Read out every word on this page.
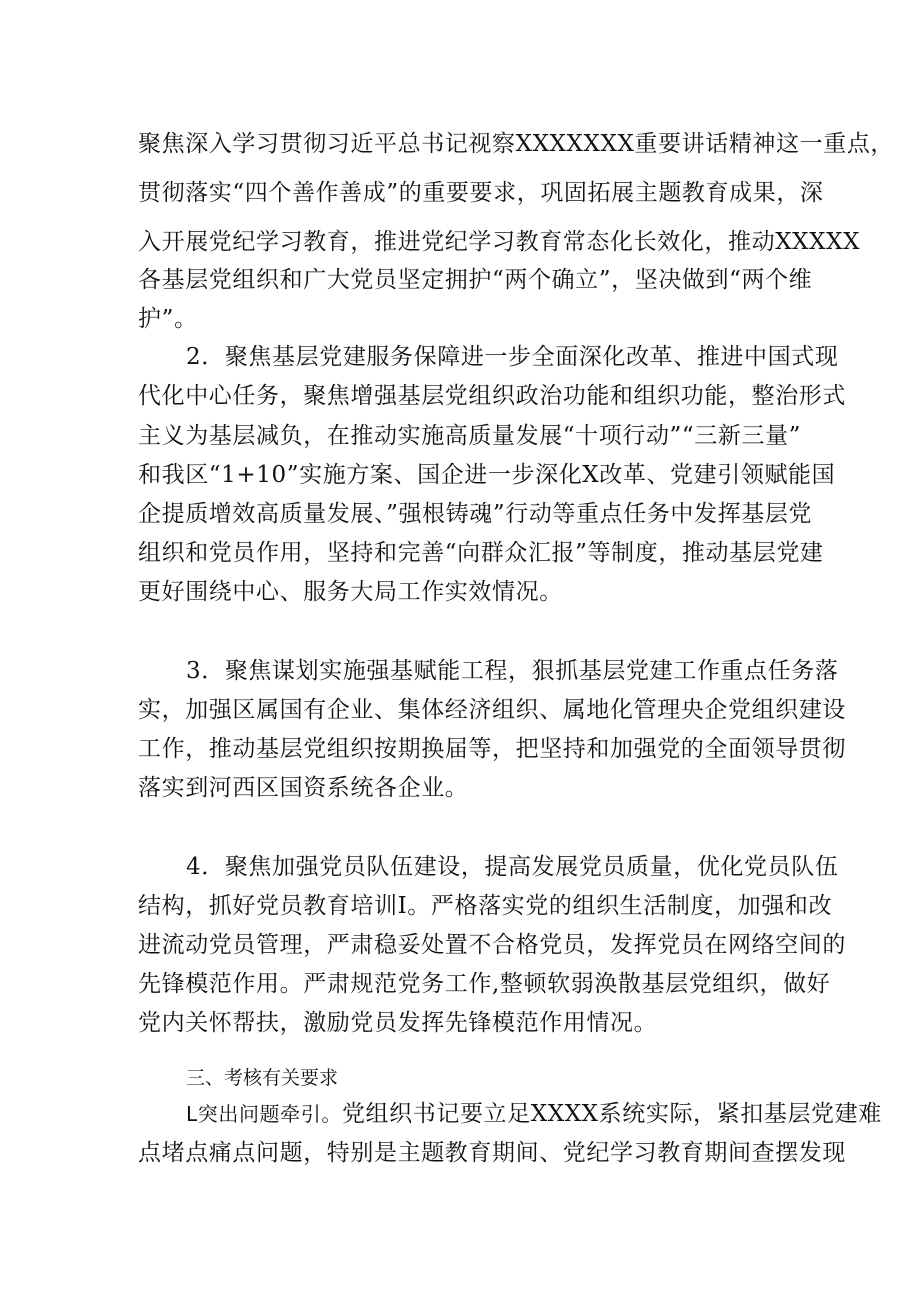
聚焦深入学习贯彻习近平总书记视察XXXXXXX重要讲话精神这一重点，
贯彻落实“四个善作善成”的重要要求，巩固拓展主题教育成果，深
入开展党纪学习教育，推进党纪学习教育常态化长效化，推动XXXXX
各基层党组织和广大党员坚定拥护“两个确立”，坚决做到“两个维
护”。
2．聚焦基层党建服务保障进一步全面深化改革、推进中国式现
代化中心任务，聚焦增强基层党组织政治功能和组织功能，整治形式
主义为基层减负，在推动实施高质量发展“十项行动”“三新三量”
和我区“1+10”实施方案、国企进一步深化X改革、党建引领赋能国
企提质增效高质量发展、”强根铸魂”行动等重点任务中发挥基层党
组织和党员作用，坚持和完善“向群众汇报”等制度，推动基层党建
更好围绕中心、服务大局工作实效情况。
3．聚焦谋划实施强基赋能工程，狠抓基层党建工作重点任务落
实，加强区属国有企业、集体经济组织、属地化管理央企党组织建设
工作，推动基层党组织按期换届等，把坚持和加强党的全面领导贯彻
落实到河西区国资系统各企业。
4．聚焦加强党员队伍建设，提高发展党员质量，优化党员队伍
结构，抓好党员教育培训I。严格落实党的组织生活制度，加强和改
进流动党员管理，严肃稳妥处置不合格党员，发挥党员在网络空间的
先锋模范作用。严肃规范党务工作,整顿软弱涣散基层党组织，做好
党内关怀帮扶，激励党员发挥先锋模范作用情况。
三、考核有关要求
L突出问题牵引。党组织书记要立足XXXX系统实际，紧扣基层党建难
点堵点痛点问题，特别是主题教育期间、党纪学习教育期间查摆发现
